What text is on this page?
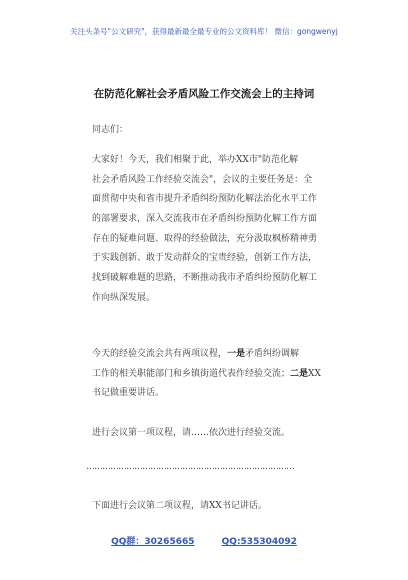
关注头条号"公文研究"，获得最新最全最专业的公文资料库！ 微信：gongwenyj
在防范化解社会矛盾风险工作交流会上的主持词
同志们：
大家好！今天，我们相聚于此，举办XX市"防范化解
社会矛盾风险工作经验交流会"，会议的主要任务是：全
面贯彻中央和省市提升矛盾纠纷预防化解法治化水平工作
的部署要求，深入交流我市在矛盾纠纷预防化解工作方面
存在的疑难问题、取得的经验做法，充分汲取枫桥精神勇
于实践创新、敢于发动群众的宝贵经验，创新工作方法，
找到破解难题的思路，不断推动我市矛盾纠纷预防化解工
作向纵深发展。
今天的经验交流会共有两项议程，一是矛盾纠纷调解
工作的相关职能部门和乡镇街道代表作经验交流；二是XX
书记做重要讲话。
进行会议第一项议程，请……依次进行经验交流。
……………………………………………………………………
下面进行会议第二项议程，请XX书记讲话。
QQ群：30265665	QQ:535304092
